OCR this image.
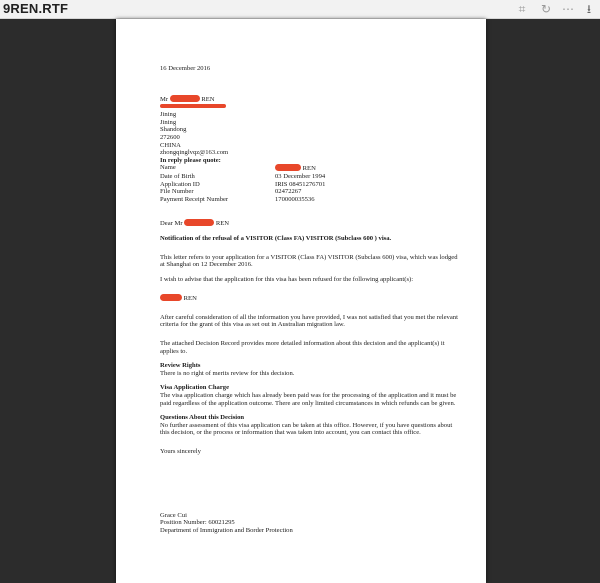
9REN.RTF	⌗	↻ ⋯	⭳

16 December 2016

Mr	REN

Jining

Jining

Shandong

272600

CHINA

zhongqinglvqz@163.com

In reply please quote:

Name	REN
Date of Birth	03 December 1994
Application ID	IRIS 08451276701
File Number	02472267
Payment Receipt Number	170000035536

Dear Mr	REN

Notification of the refusal of a VISITOR (Class FA) VISITOR (Subclass 600 ) visa.

This letter refers to your application for a VISITOR (Class FA) VISITOR (Subclass 600) visa, which was lodged at Shanghai on 12 December 2016.

I wish to advise that the application for this visa has been refused for the following applicant(s):

REN

After careful consideration of all the information you have provided, I was not satisfied that you met the relevant criteria for the grant of this visa as set out in Australian migration law.

The attached Decision Record provides more detailed information about this decision and the applicant(s) it applies to.

Review Rights

There is no right of merits review for this decision.

Visa Application Charge

The visa application charge which has already been paid was for the processing of the application and it must be paid regardless of the application outcome. There are only limited circumstances in which refunds can be given.

Questions About this Decision

No further assessment of this visa application can be taken at this office. However, if you have questions about this decision, or the process or information that was taken into account, you can contact this office.

Yours sincerely

Grace Cui

Position Number: 60021295

Department of Immigration and Border Protection
